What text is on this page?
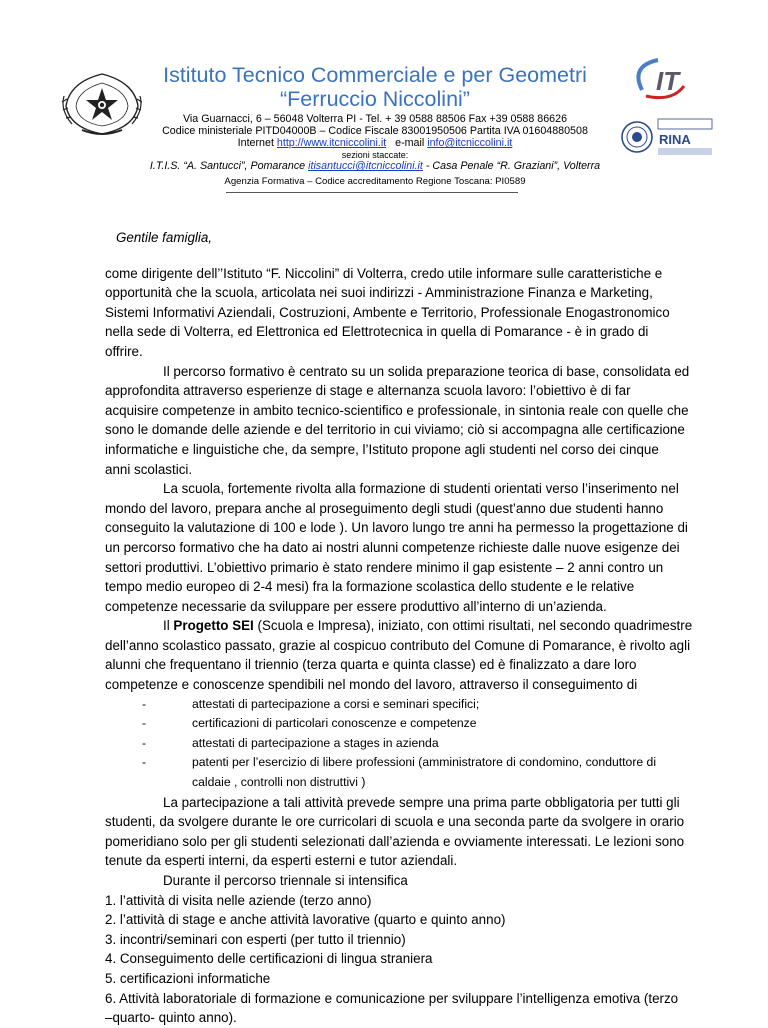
IT
RINA
Istituto Tecnico Commerciale e per Geometri
“Ferruccio Niccolini”
Via Guarnacci, 6 – 56048 Volterra PI - Tel. + 39 0588 88506 Fax +39 0588 86626
Codice ministeriale PITD04000B – Codice Fiscale 83001950506 Partita IVA 01604880508
Internet http://www.itcniccolini.it e-mail info@itcniccolini.it
sezioni staccate:
I.T.I.S. “A. Santucci”, Pomarance itisantucci@itcniccolini.it - Casa Penale “R. Graziani”, Volterra
Agenzia Formativa – Codice accreditamento Regione Toscana: PI0589

Gentile famiglia,

come dirigente dell’’Istituto “F. Niccolini” di Volterra, credo utile informare sulle caratteristiche e
opportunità che la scuola, articolata nei suoi indirizzi - Amministrazione Finanza e Marketing,
Sistemi Informativi Aziendali, Costruzioni, Ambente e Territorio, Professionale Enogastronomico
nella sede di Volterra, ed Elettronica ed Elettrotecnica in quella di Pomarance - è in grado di
offrire.

Il percorso formativo è centrato su un solida preparazione teorica di base, consolidata ed
approfondita attraverso esperienze di stage e alternanza scuola lavoro: l’obiettivo è di far
acquisire competenze in ambito tecnico-scientifico e professionale, in sintonia reale con quelle che
sono le domande delle aziende e del territorio in cui viviamo; ciò si accompagna alle certificazione
informatiche e linguistiche che, da sempre, l’Istituto propone agli studenti nel corso dei cinque
anni scolastici.

La scuola, fortemente rivolta alla formazione di studenti orientati verso l’inserimento nel
mondo del lavoro, prepara anche al proseguimento degli studi (quest’anno due studenti hanno
conseguito la valutazione di 100 e lode ). Un lavoro lungo tre anni ha permesso la progettazione di
un percorso formativo che ha dato ai nostri alunni competenze richieste dalle nuove esigenze dei
settori produttivi. L’obiettivo primario è stato rendere minimo il gap esistente – 2 anni contro un
tempo medio europeo di 2-4 mesi) fra la formazione scolastica dello studente e le relative
competenze necessarie da sviluppare per essere produttivo all’interno di un’azienda.

Il Progetto SEI (Scuola e Impresa), iniziato, con ottimi risultati, nel secondo quadrimestre
dell’anno scolastico passato, grazie al cospicuo contributo del Comune di Pomarance, è rivolto agli
alunni che frequentano il triennio (terza quarta e quinta classe) ed è finalizzato a dare loro
competenze e conoscenze spendibili nel mondo del lavoro, attraverso il conseguimento di

-	attestati di partecipazione a corsi e seminari specifici;
-	certificazioni di particolari conoscenze e competenze
-	attestati di partecipazione a stages in azienda
-	patenti per l’esercizio di libere professioni (amministratore di condomino, conduttore di
caldaie , controlli non distruttivi )

La partecipazione a tali attività prevede sempre una prima parte obbligatoria per tutti gli
studenti, da svolgere durante le ore curricolari di scuola e una seconda parte da svolgere in orario
pomeridiano solo per gli studenti selezionati dall’azienda e ovviamente interessati. Le lezioni sono
tenute da esperti interni, da esperti esterni e tutor aziendali.

Durante il percorso triennale si intensifica

1. l’attività di visita nelle aziende (terzo anno)
2. l’attività di stage e anche attività lavorative (quarto e quinto anno)
3. incontri/seminari con esperti (per tutto il triennio)
4. Conseguimento delle certificazioni di lingua straniera
5. certificazioni informatiche
6. Attività laboratoriale di formazione e comunicazione per sviluppare l’intelligenza emotiva (terzo
–quarto- quinto anno).
